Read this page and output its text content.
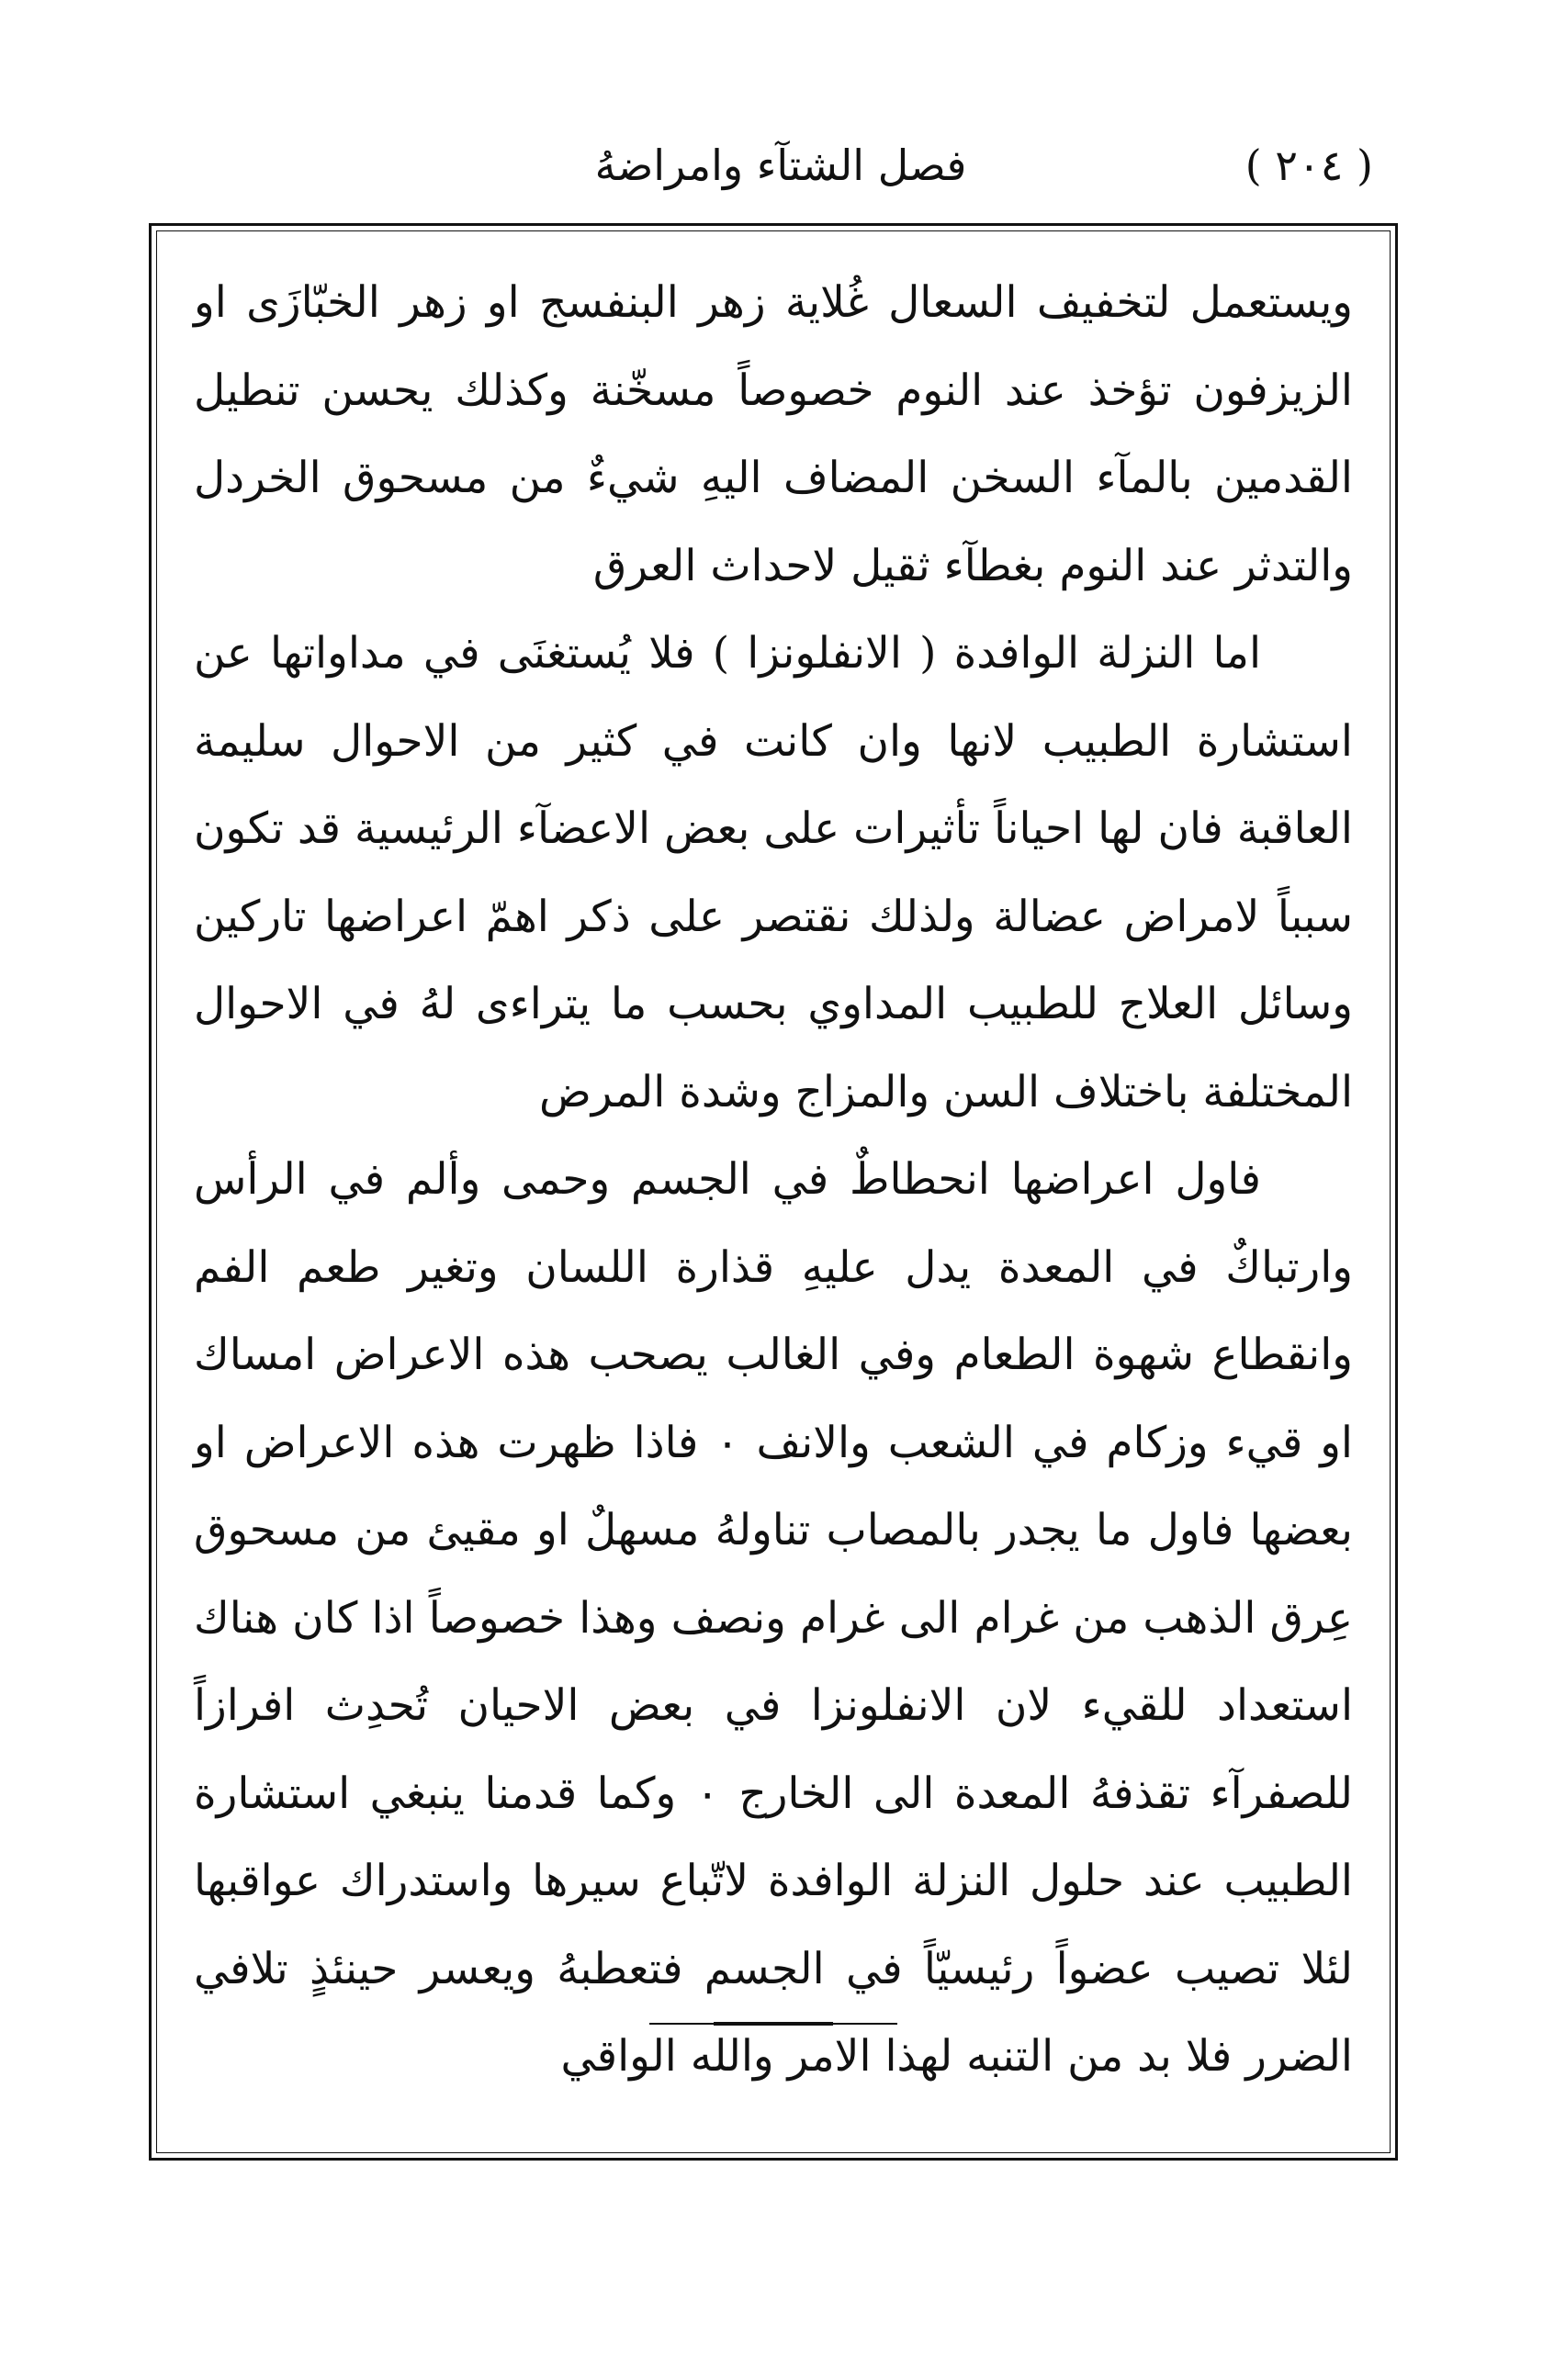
( ٢٠٤ )
فصل الشتآء وامراضهُ

ويستعمل لتخفيف السعال غُلاية زهر البنفسج او زهر الخبّازَى او الزيزفون تؤخذ عند النوم خصوصاً مسخّنة وكذلك يحسن تنطيل القدمين بالمآء السخن المضاف اليهِ شيءٌ من مسحوق الخردل والتدثر عند النوم بغطآء ثقيل لاحداث العرق

اما النزلة الوافدة ( الانفلونزا ) فلا يُستغنَى في مداواتها عن استشارة الطبيب لانها وان كانت في كثير من الاحوال سليمة العاقبة فان لها احياناً تأثيرات على بعض الاعضآء الرئيسية قد تكون سبباً لامراض عضالة ولذلك نقتصر على ذكر اهمّ اعراضها تاركين وسائل العلاج للطبيب المداوي بحسب ما يتراءى لهُ في الاحوال المختلفة باختلاف السن والمزاج وشدة المرض

فاول اعراضها انحطاطٌ في الجسم وحمى وألم في الرأس وارتباكٌ في المعدة يدل عليهِ قذارة اللسان وتغير طعم الفم وانقطاع شهوة الطعام وفي الغالب يصحب هذه الاعراض امساك او قيء وزكام في الشعب والانف ٠ فاذا ظهرت هذه الاعراض او بعضها فاول ما يجدر بالمصاب تناولهُ مسهلٌ او مقيئ من مسحوق عِرق الذهب من غرام الى غرام ونصف وهذا خصوصاً اذا كان هناك استعداد للقيء لان الانفلونزا في بعض الاحيان تُحدِث افرازاً للصفرآء تقذفهُ المعدة الى الخارج ٠ وكما قدمنا ينبغي استشارة الطبيب عند حلول النزلة الوافدة لاتّباع سيرها واستدراك عواقبها لئلا تصيب عضواً رئيسيّاً في الجسم فتعطبهُ ويعسر حينئذٍ تلافي الضرر فلا بد من التنبه لهذا الامر والله الواقي
